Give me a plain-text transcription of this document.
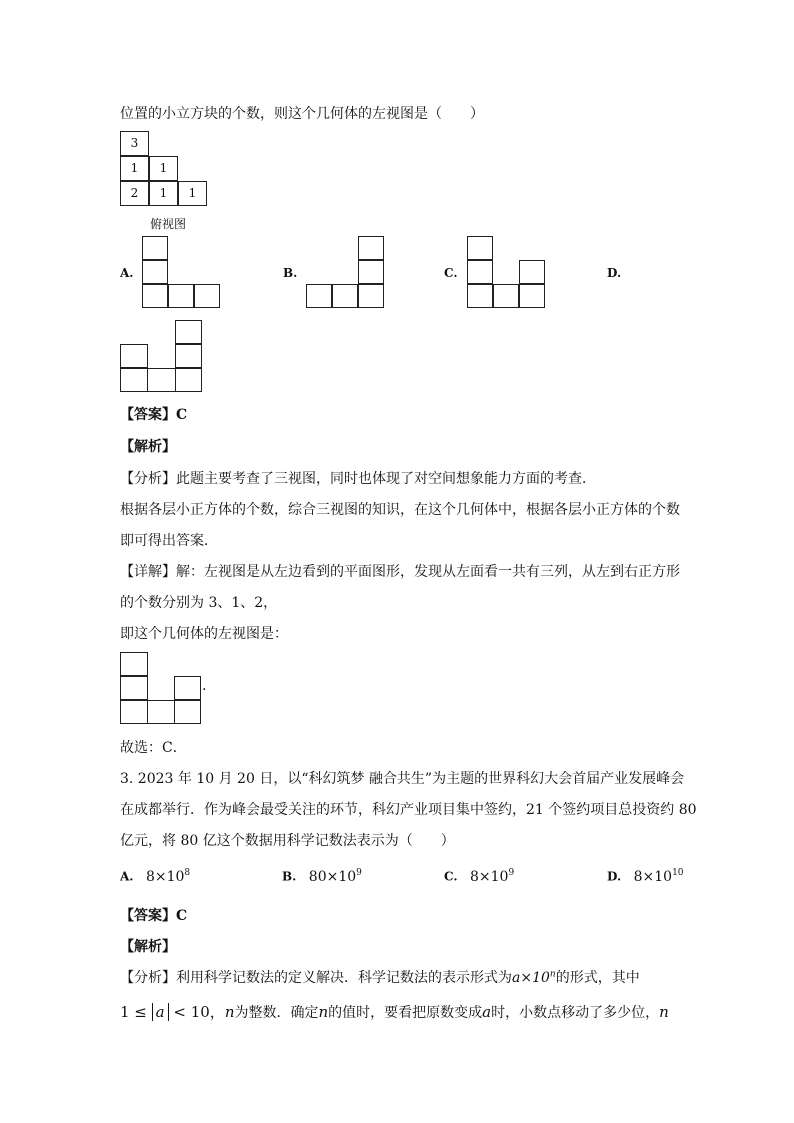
位置的小立方块的个数，则这个几何体的左视图是（　　）
3
1	1
2	1	1
俯视图
A.	B.	C.	D.
【答案】C
【解析】
【分析】此题主要考查了三视图，同时也体现了对空间想象能力方面的考查．
根据各层小正方体的个数，综合三视图的知识，在这个几何体中，根据各层小正方体的个数
即可得出答案．
【详解】解：左视图是从左边看到的平面图形，发现从左面看一共有三列，从左到右正方形
的个数分别为 3、1、2，
即这个几何体的左视图是：
.
故选：C．
3. 2023 年 10 月 20 日，以“科幻筑梦 融合共生”为主题的世界科幻大会首届产业发展峰会
在成都举行．作为峰会最受关注的环节，科幻产业项目集中签约，21 个签约项目总投资约 80
亿元，将 80 亿这个数据用科学记数法表示为（　　）
A. $8\times 10^8$	B. $80\times 10^9$	C. $8\times 10^9$	D. $8\times 10^{10}$
【答案】C
【解析】
【分析】利用科学记数法的定义解决．科学记数法的表示形式为$a\times 10^n$的形式，其中
1 ≤ a < 10，n为整数．确定n的值时，要看把原数变成a时，小数点移动了多少位，n
